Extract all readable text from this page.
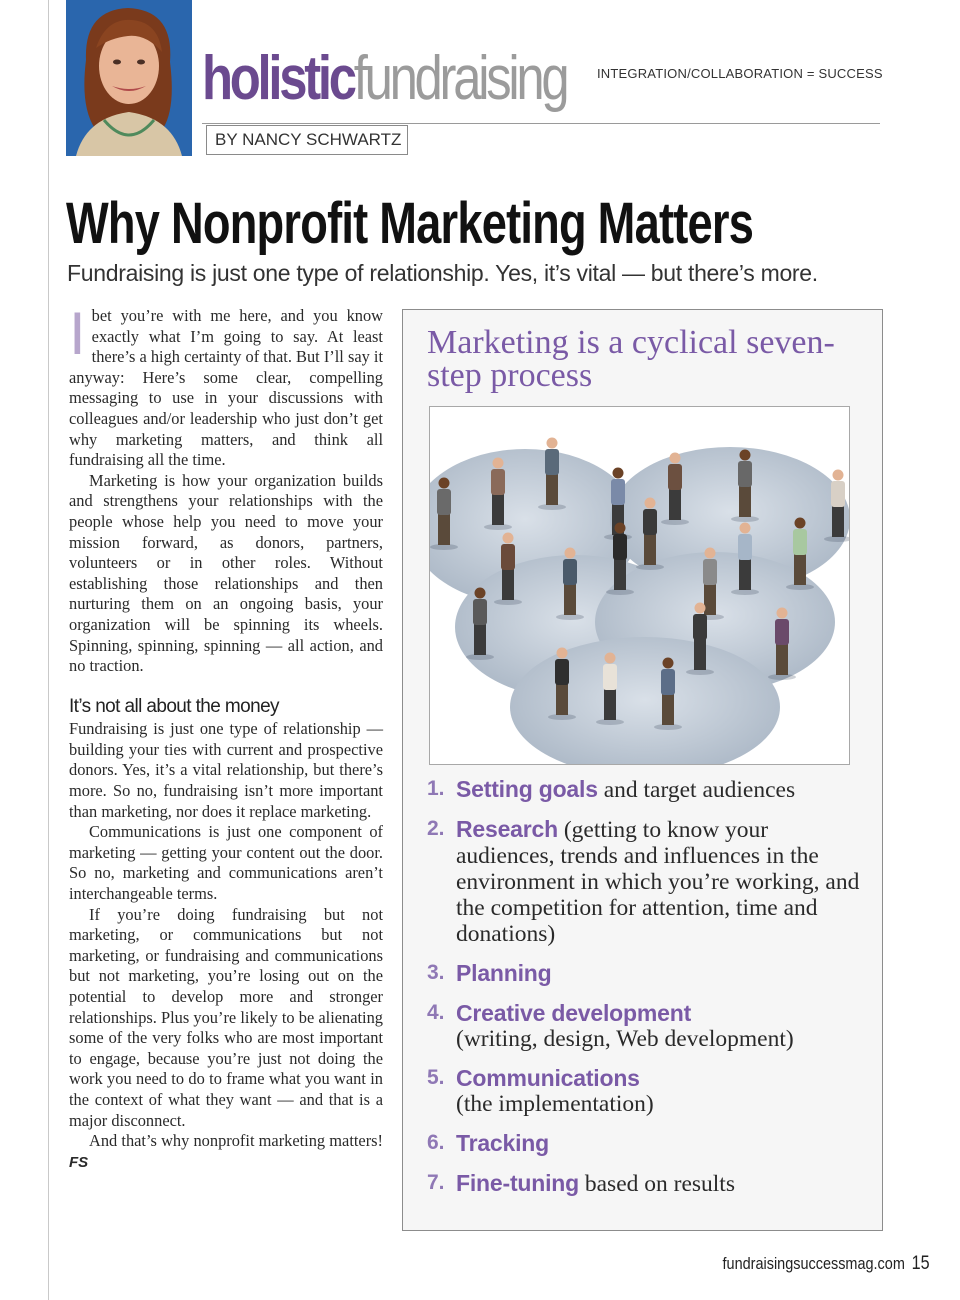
holisticfundraising
BY NANCY SCHWARTZ
INTEGRATION/COLLABORATION = SUCCESS
Why Nonprofit Marketing Matters
Fundraising is just one type of relationship. Yes, it’s vital — but there’s more.

Ibet you’re with me here, and you know exactly what I’m going to say. At least there’s a high certainty of that. But I’ll say it anyway: Here’s some clear, compelling messaging to use in your discussions with colleagues and/or leadership who just don’t get why marketing matters, and think all fundraising all the time.

Marketing is how your organization builds and strengthens your relationships with the people whose help you need to move your mission forward, as donors, partners, volunteers or in other roles. Without establishing those relationships and then nurturing them on an ongoing basis, your organization will be spinning its wheels. Spinning, spinning, spinning — all action, and no traction.

It’s not all about the money

Fundraising is just one type of relationship — building your ties with current and prospective donors. Yes, it’s a vital relationship, but there’s more. So no, fundraising isn’t more important than marketing, nor does it replace marketing.

Communications is just one component of marketing — getting your content out the door. So no, marketing and communications aren’t interchangeable terms.

If you’re doing fundraising but not marketing, or communications but not marketing, or fundraising and communications but not marketing, you’re losing out on the potential to develop more and stronger relationships. Plus you’re likely to be alienating some of the very folks who are most important to engage, because you’re just not doing the work you need to do to frame what you want in the context of what they want — and that is a major disconnect.

And that’s why nonprofit marketing matters! FS

Marketing is a cyclical seven-step process
1. Setting goals and target audiences
2. Research (getting to know your audiences, trends and influences in the environment in which you’re working, and the competition for attention, time and donations)
3. Planning
4. Creative development
(writing, design, Web development)
5. Communications
(the implementation)
6. Tracking
7. Fine-tuning based on results
fundraisingsuccessmag.com 15
